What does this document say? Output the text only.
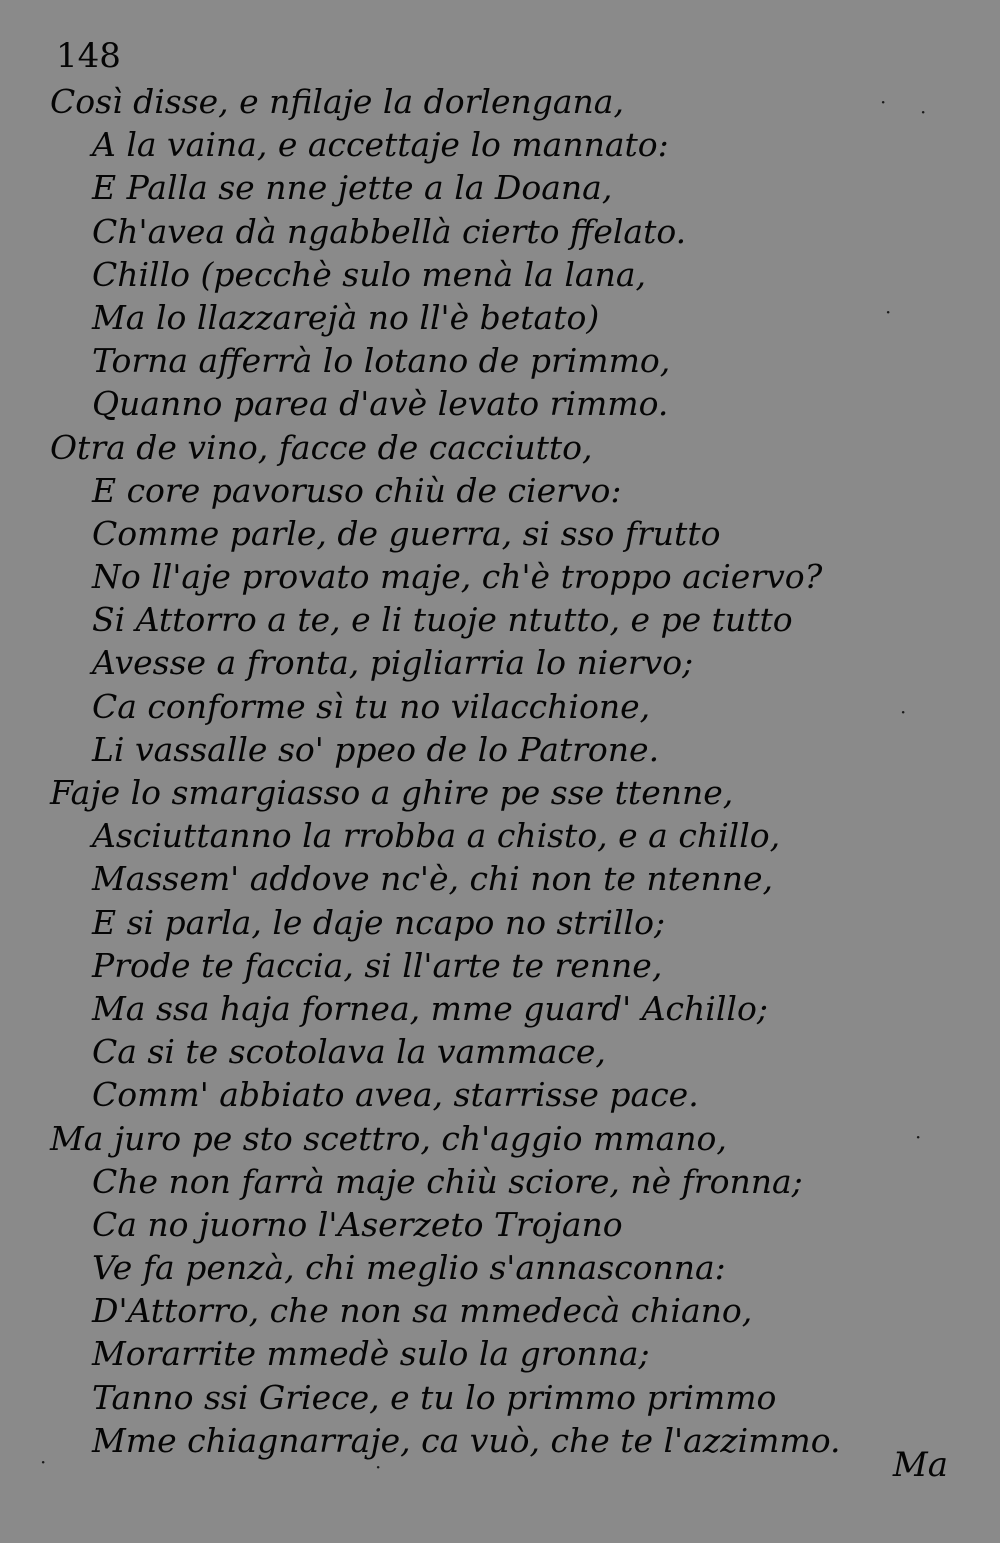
148
Così disse, e nfilaje la dorlengana,
A la vaina, e accettaje lo mannato:
E Palla se nne jette a la Doana,
Ch'avea dà ngabbellà cierto ffelato.
Chillo (pecchè sulo menà la lana,
Ma lo llazzarejà no ll'è betato)
Torna afferrà lo lotano de primmo,
Quanno parea d'avè levato rimmo.
Otra de vino, facce de cacciutto,
E core pavoruso chiù de ciervo:
Comme parle, de guerra, si sso frutto
No ll'aje provato maje, ch'è troppo aciervo?
Si Attorro a te, e li tuoje ntutto, e pe tutto
Avesse a fronta, pigliarria lo niervo;
Ca conforme sì tu no vilacchione,
Li vassalle so' ppeo de lo Patrone.
Faje lo smargiasso a ghire pe sse ttenne,
Asciuttanno la rrobba a chisto, e a chillo,
Massem' addove nc'è, chi non te ntenne,
E si parla, le daje ncapo no strillo;
Prode te faccia, si ll'arte te renne,
Ma ssa haja fornea, mme guard' Achillo;
Ca si te scotolava la vammace,
Comm' abbiato avea, starrisse pace.
Ma juro pe sto scettro, ch'aggio mmano,
Che non farrà maje chiù sciore, nè fronna;
Ca no juorno l'Aserzeto Trojano
Ve fa penzà, chi meglio s'annasconna:
D'Attorro, che non sa mmedecà chiano,
Morarrite mmedè sulo la gronna;
Tanno ssi Griece, e tu lo primmo primmo
Mme chiagnarraje, ca vuò, che te l'azzimmo.
Ma
· ·
·
·
·
·	·
